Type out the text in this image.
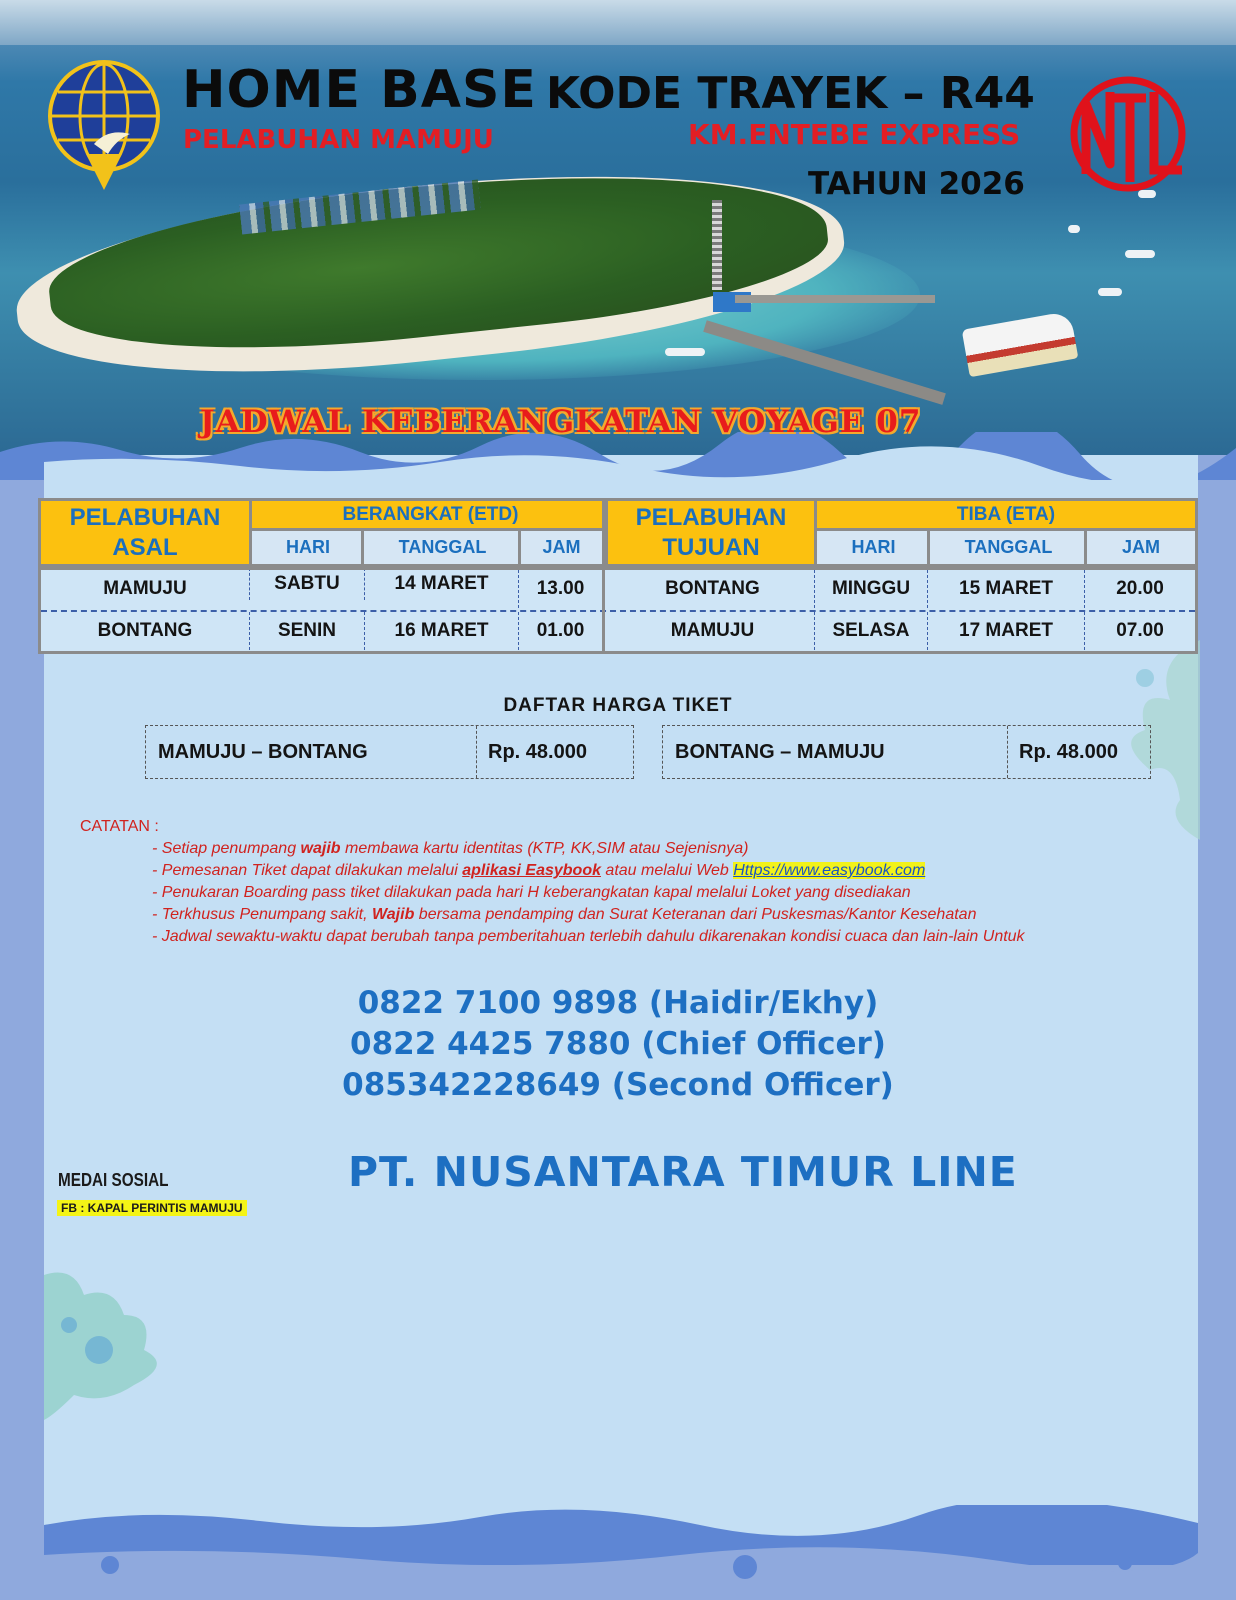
HOME BASE
PELABUHAN MAMUJU
KODE TRAYEK – R44
KM.ENTEBE EXPRESS
TAHUN 2026
JADWAL KEBERANGKATAN VOYAGE 07
PELABUHAN ASAL
BERANGKAT (ETD)
HARI	TANGGAL	JAM
PELABUHAN TUJUAN
TIBA (ETA)
HARI	TANGGAL	JAM
MAMUJU	SABTU	14 MARET	13.00	BONTANG	MINGGU	15 MARET	20.00
BONTANG	SENIN	16 MARET	01.00	MAMUJU	SELASA	17 MARET	07.00
DAFTAR HARGA TIKET
MAMUJU – BONTANG	Rp. 48.000	BONTANG – MAMUJU	Rp. 48.000
CATATAN :
- Setiap penumpang wajib membawa kartu identitas (KTP, KK,SIM atau Sejenisnya)
- Pemesanan Tiket dapat dilakukan melalui aplikasi Easybook atau melalui Web Https://www.easybook.com
- Penukaran Boarding pass tiket dilakukan pada hari H keberangkatan kapal melalui Loket yang disediakan
- Terkhusus Penumpang sakit, Wajib bersama pendamping dan Surat Keteranan dari Puskesmas/Kantor Kesehatan
- Jadwal sewaktu-waktu dapat berubah tanpa pemberitahuan terlebih dahulu dikarenakan kondisi cuaca dan lain-lain Untuk
0822 7100 9898 (Haidir/Ekhy)
0822 4425 7880 (Chief Officer)
085342228649 (Second Officer)
PT. NUSANTARA TIMUR LINE
MEDAI SOSIAL
FB : KAPAL PERINTIS MAMUJU
